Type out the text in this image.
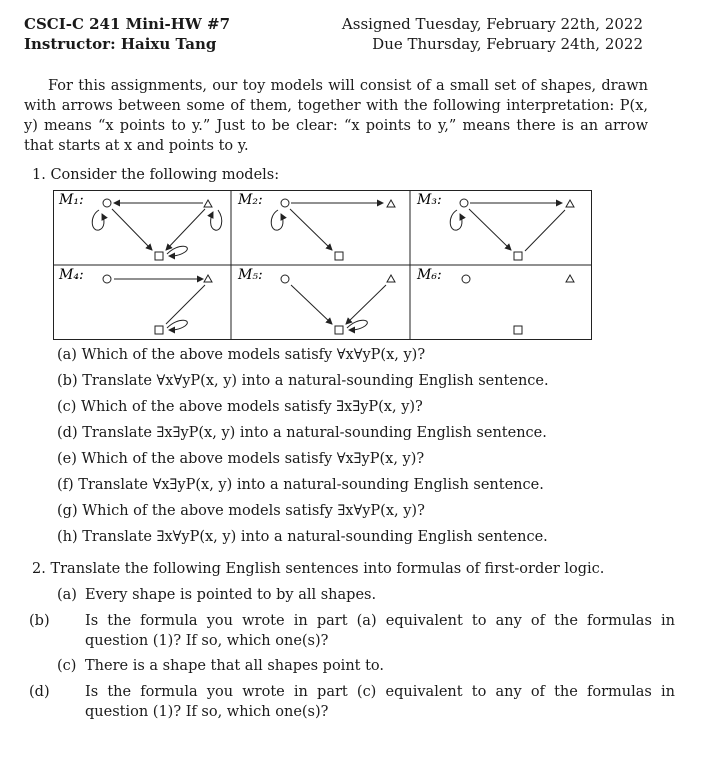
CSCI-C 241 Mini-HW #7
Instructor: Haixu Tang
Assigned Tuesday, February 22th, 2022
Due Thursday, February 24th, 2022

For this assignments, our toy models will consist of a small set of shapes, drawn with arrows between some of them, together with the following interpretation: P(x, y) means “x points to y.” Just to be clear: “x points to y,” means there is an arrow that starts at x and points to y.

1. Consider the following models:
M₁:	M₂:	M₃:
M₄:	M₅:	M₆:
(a) Which of the above models satisfy ∀x∀yP(x, y)?
(b) Translate ∀x∀yP(x, y) into a natural-sounding English sentence.
(c) Which of the above models satisfy ∃x∃yP(x, y)?
(d) Translate ∃x∃yP(x, y) into a natural-sounding English sentence.
(e) Which of the above models satisfy ∀x∃yP(x, y)?
(f) Translate ∀x∃yP(x, y) into a natural-sounding English sentence.
(g) Which of the above models satisfy ∃x∀yP(x, y)?
(h) Translate ∃x∀yP(x, y) into a natural-sounding English sentence.
2. Translate the following English sentences into formulas of first-order logic.
(a) Every shape is pointed to by all shapes.
(b) Is the formula you wrote in part (a) equivalent to any of the formulas in question (1)? If so, which one(s)?
(c) There is a shape that all shapes point to.
(d) Is the formula you wrote in part (c) equivalent to any of the formulas in question (1)? If so, which one(s)?
